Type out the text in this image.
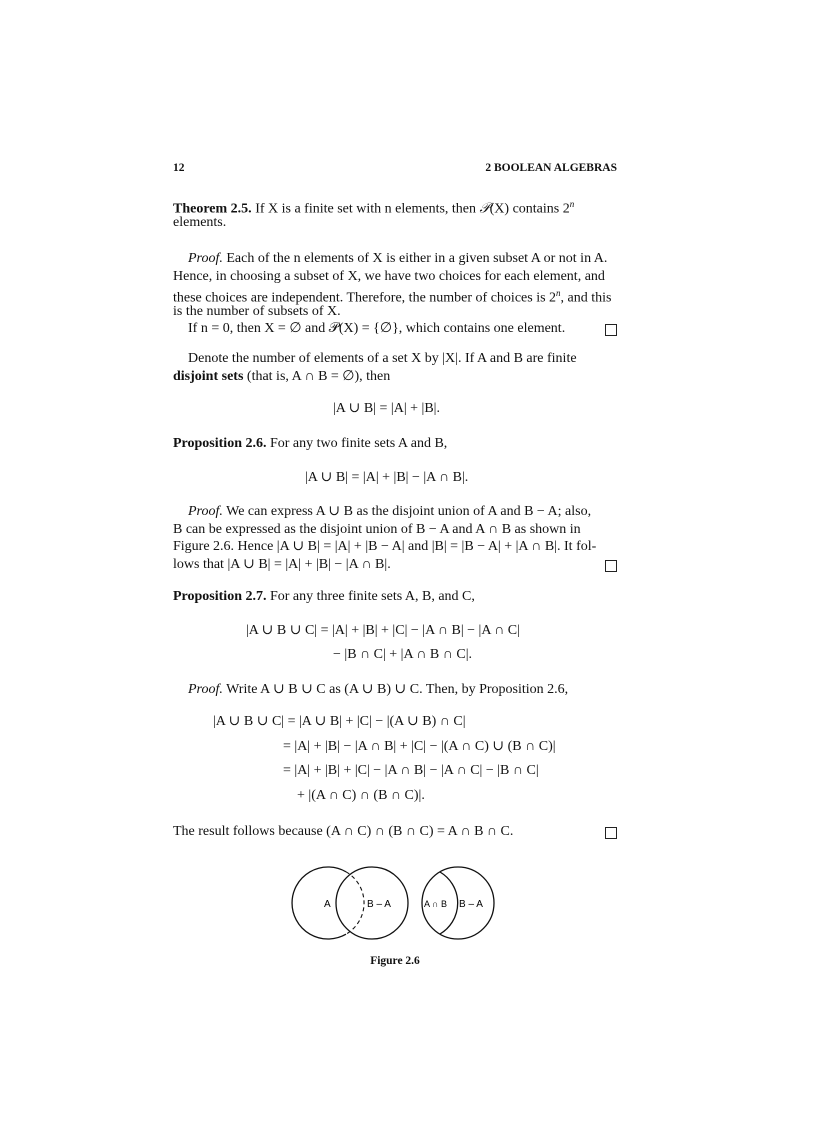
12	2 BOOLEAN ALGEBRAS
Theorem 2.5. If X is a finite set with n elements, then 𝒫(X) contains 2$^n$
elements.
Proof. Each of the n elements of X is either in a given subset A or not in A.
Hence, in choosing a subset of X, we have two choices for each element, and
these choices are independent. Therefore, the number of choices is 2$^n$, and this
is the number of subsets of X.
If n = 0, then X = ∅ and 𝒫(X) = {∅}, which contains one element.
Denote the number of elements of a set X by |X|. If A and B are finite
disjoint sets (that is, A ∩ B = ∅), then
|A ∪ B| = |A| + |B|.
Proposition 2.6. For any two finite sets A and B,
|A ∪ B| = |A| + |B| − |A ∩ B|.
Proof. We can express A ∪ B as the disjoint union of A and B − A; also,
B can be expressed as the disjoint union of B − A and A ∩ B as shown in
Figure 2.6. Hence |A ∪ B| = |A| + |B − A| and |B| = |B − A| + |A ∩ B|. It fol-
lows that |A ∪ B| = |A| + |B| − |A ∩ B|.
Proposition 2.7. For any three finite sets A, B, and C,
|A ∪ B ∪ C| = |A| + |B| + |C| − |A ∩ B| − |A ∩ C|
− |B ∩ C| + |A ∩ B ∩ C|.
Proof. Write A ∪ B ∪ C as (A ∪ B) ∪ C. Then, by Proposition 2.6,
|A ∪ B ∪ C| = |A ∪ B| + |C| − |(A ∪ B) ∩ C|
= |A| + |B| − |A ∩ B| + |C| − |(A ∩ C) ∪ (B ∩ C)|
= |A| + |B| + |C| − |A ∩ B| − |A ∩ C| − |B ∩ C|
+ |(A ∩ C) ∩ (B ∩ C)|.
The result follows because (A ∩ C) ∩ (B ∩ C) = A ∩ B ∩ C.
A	B – A	A ∩ B B – A
Figure 2.6
